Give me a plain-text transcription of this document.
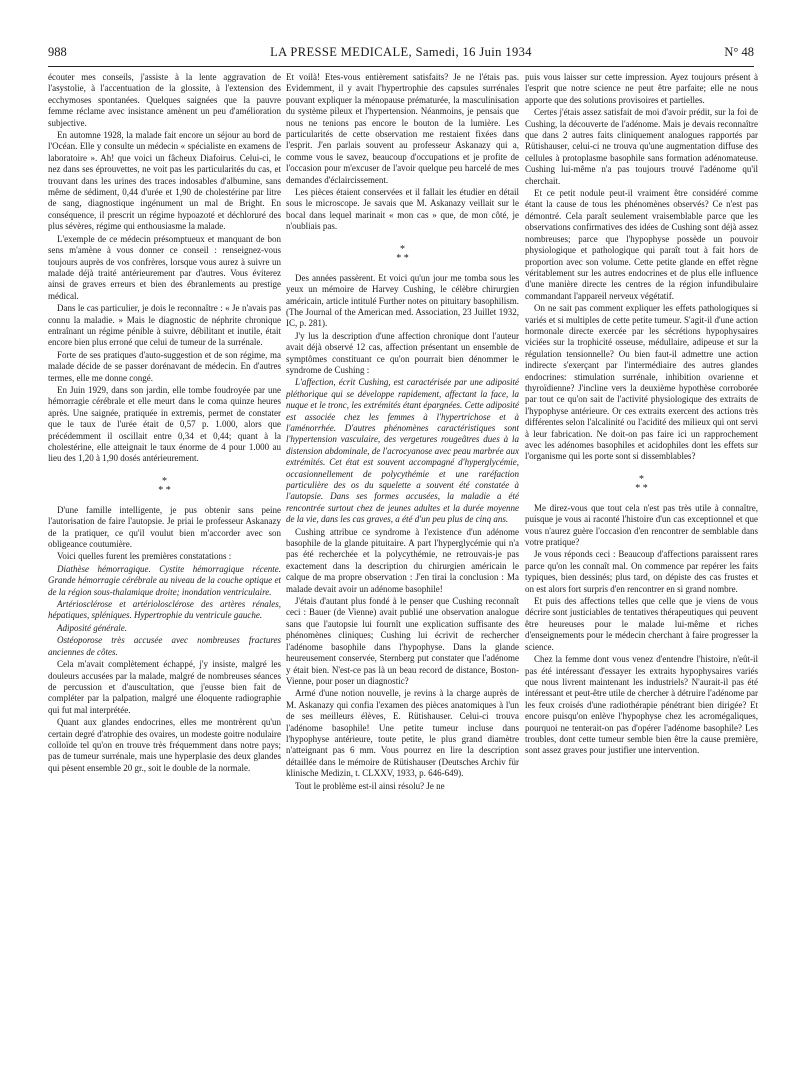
988	LA PRESSE MEDICALE, Samedi, 16 Juin 1934	N° 48

écouter mes conseils, j'assiste à la lente aggravation de l'asystolie, à l'accentuation de la glossite, à l'extension des ecchymoses spontanées. Quelques saignées que la pauvre femme réclame avec insistance amènent un peu d'amélioration subjective.

En automne 1928, la malade fait encore un séjour au bord de l'Océan. Elle y consulte un médecin « spécialiste en examens de laboratoire ». Ah! que voici un fâcheux Diafoirus. Celui-ci, le nez dans ses éprouvettes, ne voit pas les particularités du cas, et trouvant dans les urines des traces indosables d'albumine, sans même de sédiment, 0,44 d'urée et 1,90 de cholestérine par litre de sang, diagnostique ingénument un mal de Bright. En conséquence, il prescrit un régime hypoazoté et déchloruré des plus sévères, régime qui enthousiasme la malade.

L'exemple de ce médecin présomptueux et manquant de bon sens m'amène à vous donner ce conseil : renseignez-vous toujours auprès de vos confrères, lorsque vous aurez à suivre un malade déjà traité antérieurement par d'autres. Vous éviterez ainsi de graves erreurs et bien des ébranlements au prestige médical.

Dans le cas particulier, je dois le reconnaître : « Je n'avais pas connu la maladie. » Mais le diagnostic de néphrite chronique entraînant un régime pénible à suivre, débilitant et inutile, était encore bien plus erroné que celui de tumeur de la surrénale.

Forte de ses pratiques d'auto-suggestion et de son régime, ma malade décide de se passer dorénavant de médecin. En d'autres termes, elle me donne congé.

En Juin 1929, dans son jardin, elle tombe foudroyée par une hémorragie cérébrale et elle meurt dans le coma quinze heures après. Une saignée, pratiquée in extremis, permet de constater que le taux de l'urée était de 0,57 p. 1.000, alors que précédemment il oscillait entre 0,34 et 0,44; quant à la cholestérine, elle atteignait le taux énorme de 4 pour 1.000 au lieu des 1,20 à 1,90 dosés antérieurement.

*
* *

D'une famille intelligente, je pus obtenir sans peine l'autorisation de faire l'autopsie. Je priai le professeur Askanazy de la pratiquer, ce qu'il voulut bien m'accorder avec son obligeance coutumière.

Voici quelles furent les premières constatations :

Diathèse hémorragique. Cystite hémorragique récente. Grande hémorragie cérébrale au niveau de la couche optique et de la région sous-thalamique droite; inondation ventriculaire.

Artériosclérose et artériolosclérose des artères rénales, hépatiques, spléniques. Hypertrophie du ventricule gauche.

Adiposité générale.

Ostéoporose très accusée avec nombreuses fractures anciennes de côtes.

Cela m'avait complètement échappé, j'y insiste, malgré les douleurs accusées par la malade, malgré de nombreuses séances de percussion et d'auscultation, que j'eusse bien fait de compléter par la palpation, malgré une éloquente radiographie qui fut mal interprétée.

Quant aux glandes endocrines, elles me montrèrent qu'un certain degré d'atrophie des ovaires, un modeste goitre nodulaire colloïde tel qu'on en trouve très fréquemment dans notre pays; pas de tumeur surrénale, mais une hyperplasie des deux glandes qui pèsent ensemble 20 gr., soit le double de la normale.

Et voilà! Etes-vous entièrement satisfaits? Je ne l'étais pas. Evidemment, il y avait l'hypertrophie des capsules surrénales pouvant expliquer la ménopause prématurée, la masculinisation du système pileux et l'hypertension. Néanmoins, je pensais que nous ne tenions pas encore le bouton de la lumière. Les particularités de cette observation me restaient fixées dans l'esprit. J'en parlais souvent au professeur Askanazy qui a, comme vous le savez, beaucoup d'occupations et je profite de l'occasion pour m'excuser de l'avoir quelque peu harcelé de mes demandes d'éclaircissement.

Les pièces étaient conservées et il fallait les étudier en détail sous le microscope. Je savais que M. Askanazy veillait sur le bocal dans lequel marinait « mon cas » que, de mon côté, je n'oubliais pas.

*
* *

Des années passèrent. Et voici qu'un jour me tomba sous les yeux un mémoire de Harvey Cushing, le célèbre chirurgien américain, article intitulé Further notes on pituitary basophilism. (The Journal of the American med. Association, 23 Juillet 1932, IC, p. 281).

J'y lus la description d'une affection chronique dont l'auteur avait déjà observé 12 cas, affection présentant un ensemble de symptômes constituant ce qu'on pourrait bien dénommer le syndrome de Cushing :

L'affection, écrit Cushing, est caractérisée par une adiposité pléthorique qui se développe rapidement, affectant la face, la nuque et le tronc, les extrémités étant épargnées. Cette adiposité est associée chez les femmes à l'hypertrichose et à l'aménorrhée. D'autres phénomènes caractéristiques sont l'hypertension vasculaire, des vergetures rougeâtres dues à la distension abdominale, de l'acrocyanose avec peau marbrée aux extrémités. Cet état est souvent accompagné d'hyperglycémie, occasionnellement de polycythémie et une raréfaction particulière des os du squelette a souvent été constatée à l'autopsie. Dans ses formes accusées, la maladie a été rencontrée surtout chez de jeunes adultes et la durée moyenne de la vie, dans les cas graves, a été d'un peu plus de cinq ans.

Cushing attribue ce syndrome à l'existence d'un adénome basophile de la glande pituitaire. A part l'hyperglycémie qui n'a pas été recherchée et la polycythémie, ne retrouvais-je pas exactement dans la description du chirurgien américain le calque de ma propre observation : J'en tirai la conclusion : Ma malade devait avoir un adénome basophile!

J'étais d'autant plus fondé à le penser que Cushing reconnaît ceci : Bauer (de Vienne) avait publié une observation analogue sans que l'autopsie lui fournît une explication suffisante des phénomènes cliniques; Cushing lui écrivit de rechercher l'adénome basophile dans l'hypophyse. Dans la glande heureusement conservée, Sternberg put constater que l'adénome y était bien. N'est-ce pas là un beau record de distance, Boston-Vienne, pour poser un diagnostic?

Armé d'une notion nouvelle, je revins à la charge auprès de M. Askanazy qui confia l'examen des pièces anatomiques à l'un de ses meilleurs élèves, E. Rütishauser. Celui-ci trouva l'adénome basophile! Une petite tumeur incluse dans l'hypophyse antérieure, toute petite, le plus grand diamètre n'atteignant pas 6 mm. Vous pourrez en lire la description détaillée dans le mémoire de Rütishauser (Deutsches Archiv für klinische Medizin, t. CLXXV, 1933, p. 646-649).

Tout le problème est-il ainsi résolu? Je ne

puis vous laisser sur cette impression. Ayez toujours présent à l'esprit que notre science ne peut être parfaite; elle ne nous apporte que des solutions provisoires et partielles.

Certes j'étais assez satisfait de moi d'avoir prédit, sur la foi de Cushing, la découverte de l'adénome. Mais je devais reconnaître que dans 2 autres faits cliniquement analogues rapportés par Rütishauser, celui-ci ne trouva qu'une augmentation diffuse des cellules à protoplasme basophile sans formation adénomateuse. Cushing lui-même n'a pas toujours trouvé l'adénome qu'il cherchait.

Et ce petit nodule peut-il vraiment être considéré comme étant la cause de tous les phénomènes observés? Ce n'est pas démontré. Cela paraît seulement vraisemblable parce que les observations confirmatives des idées de Cushing sont déjà assez nombreuses; parce que l'hypophyse possède un pouvoir physiologique et pathologique qui paraît tout à fait hors de proportion avec son volume. Cette petite glande en effet règne véritablement sur les autres endocrines et de plus elle influence d'une manière directe les centres de la région infundibulaire commandant l'appareil nerveux végétatif.

On ne sait pas comment expliquer les effets pathologiques si variés et si multiples de cette petite tumeur. S'agit-il d'une action hormonale directe exercée par les sécrétions hypophysaires viciées sur la trophicité osseuse, médullaire, adipeuse et sur la régulation tensionnelle? Ou bien faut-il admettre une action indirecte s'exerçant par l'intermédiaire des autres glandes endocrines: stimulation surrénale, inhibition ovarienne et thyroïdienne? J'incline vers la deuxième hypothèse corroborée par tout ce qu'on sait de l'activité physiologique des extraits de l'hypophyse antérieure. Or ces extraits exercent des actions très différentes selon l'alcalinité ou l'acidité des milieux qui ont servi à leur fabrication. Ne doit-on pas faire ici un rapprochement avec les adénomes basophiles et acidophiles dont les effets sur l'organisme qui les porte sont si dissemblables?

*
* *

Me direz-vous que tout cela n'est pas très utile à connaître, puisque je vous ai raconté l'histoire d'un cas exceptionnel et que vous n'aurez guère l'occasion d'en rencontrer de semblable dans votre pratique?

Je vous réponds ceci : Beaucoup d'affections paraissent rares parce qu'on les connaît mal. On commence par repérer les faits typiques, bien dessinés; plus tard, on dépiste des cas frustes et on est alors fort surpris d'en rencontrer en si grand nombre.

Et puis des affections telles que celle que je viens de vous décrire sont justiciables de tentatives thérapeutiques qui peuvent être heureuses pour le malade lui-même et riches d'enseignements pour le médecin cherchant à faire progresser la science.

Chez la femme dont vous venez d'entendre l'histoire, n'eût-il pas été intéressant d'essayer les extraits hypophysaires variés que nous livrent maintenant les industriels? N'aurait-il pas été intéressant et peut-être utile de chercher à détruire l'adénome par les feux croisés d'une radiothérapie pénétrant bien dirigée? Et encore puisqu'on enlève l'hypophyse chez les acromégaliques, pourquoi ne tenterait-on pas d'opérer l'adénome basophile? Les troubles, dont cette tumeur semble bien être la cause première, sont assez graves pour justifier une intervention.
